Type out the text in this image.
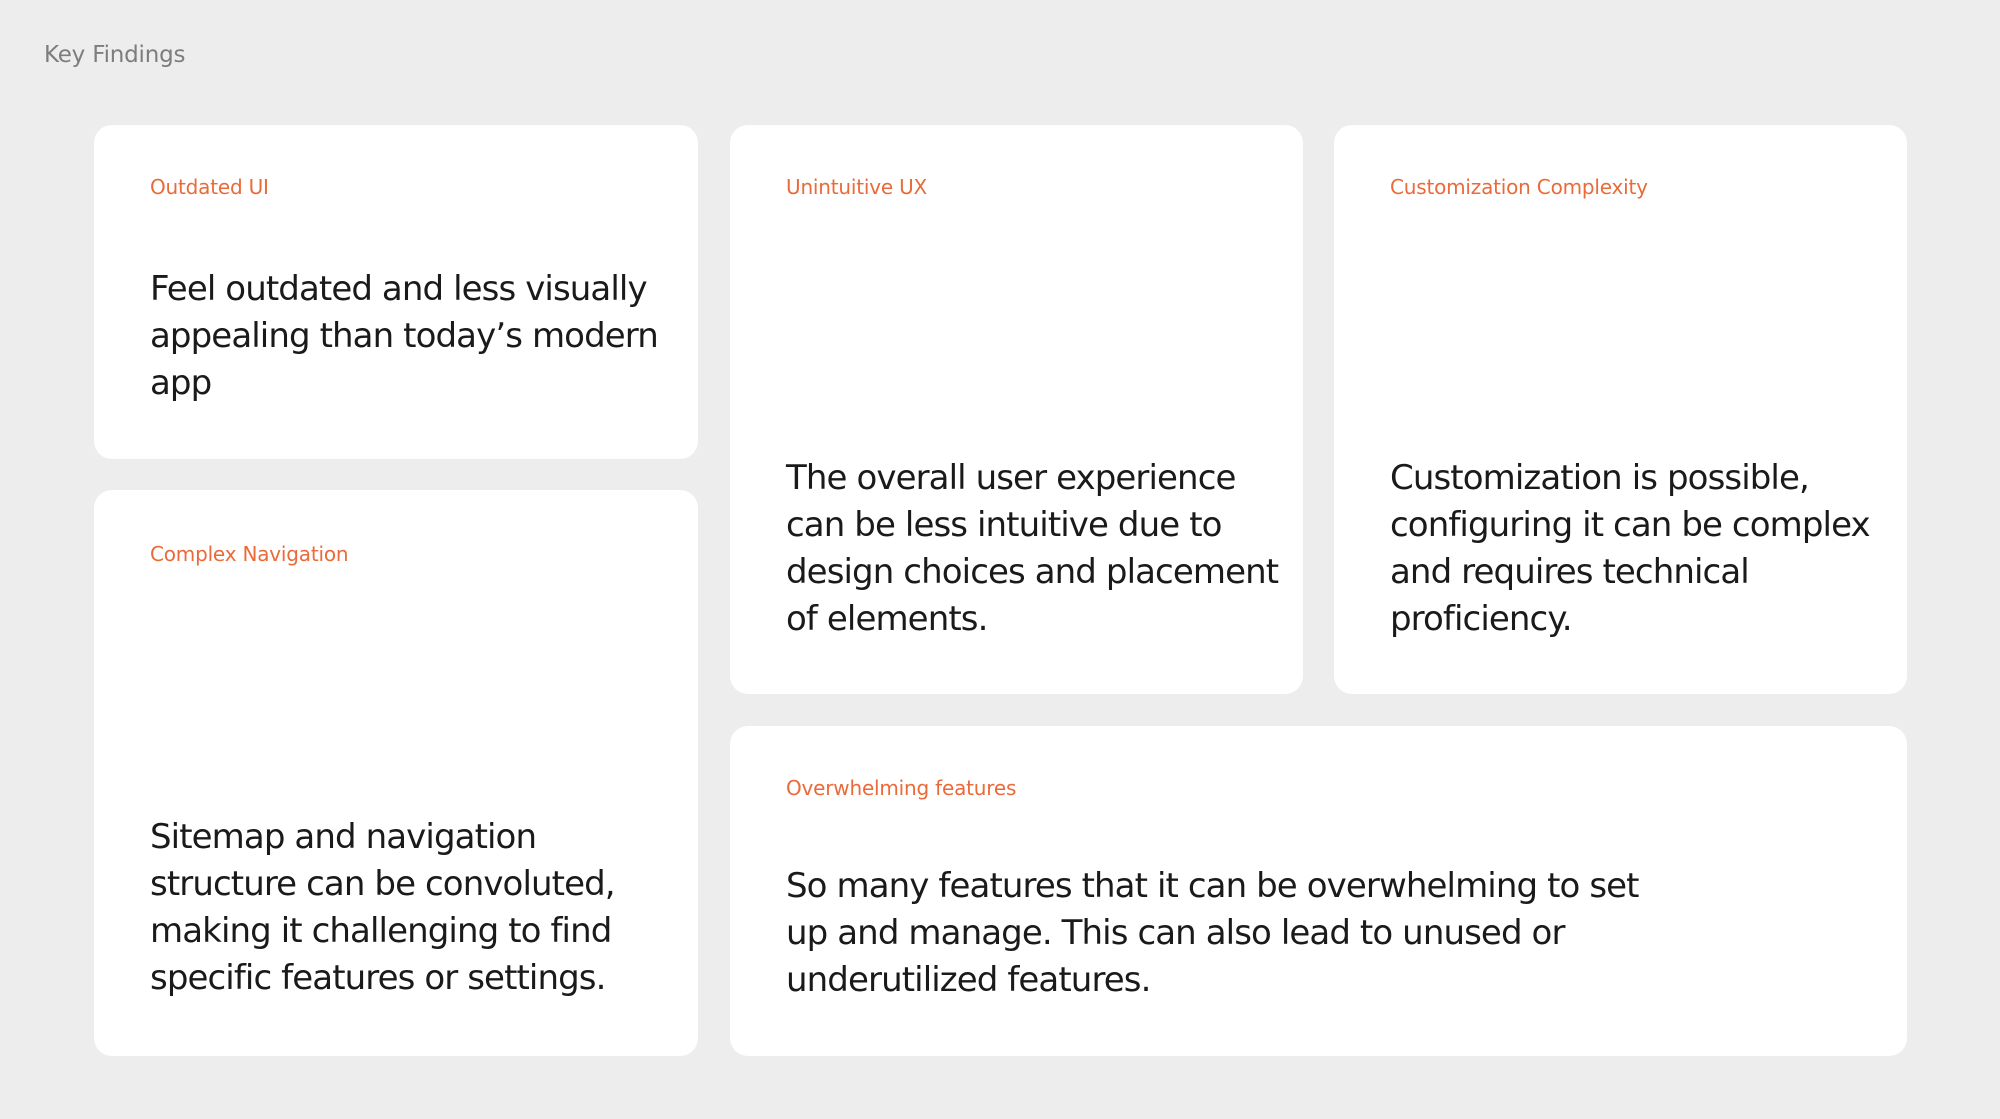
Key Findings
Outdated UI

Feel outdated and less visually appealing than today’s modern app

Complex Navigation

Sitemap and navigation structure can be convoluted, making it challenging to find specific features or settings.

Unintuitive UX

The overall user experience can be less intuitive due to design choices and placement of elements.

Customization Complexity

Customization is possible, configuring it can be complex and requires technical proficiency.

Overwhelming features

So many features that it can be overwhelming to set up and manage. This can also lead to unused or underutilized features.
